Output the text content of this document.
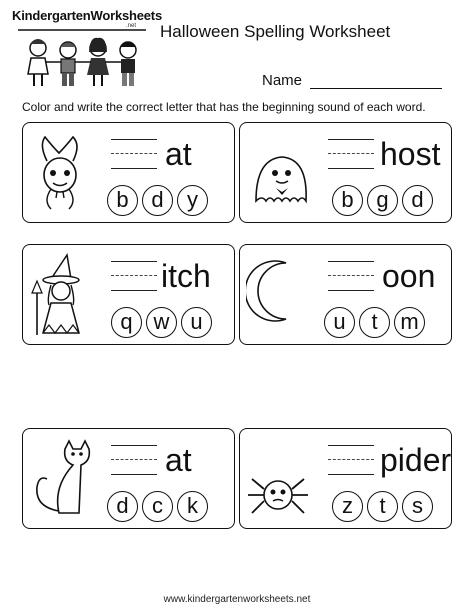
KindergartenWorksheets
.net Halloween Spelling Worksheet
Name
Color and write the correct letter that has the beginning sound of each word.
at
b	d	y
host
b	g	d
itch
q w u
oon
u	t	m
at
d	c	k
pider
z	t	s
www.kindergartenworksheets.net
